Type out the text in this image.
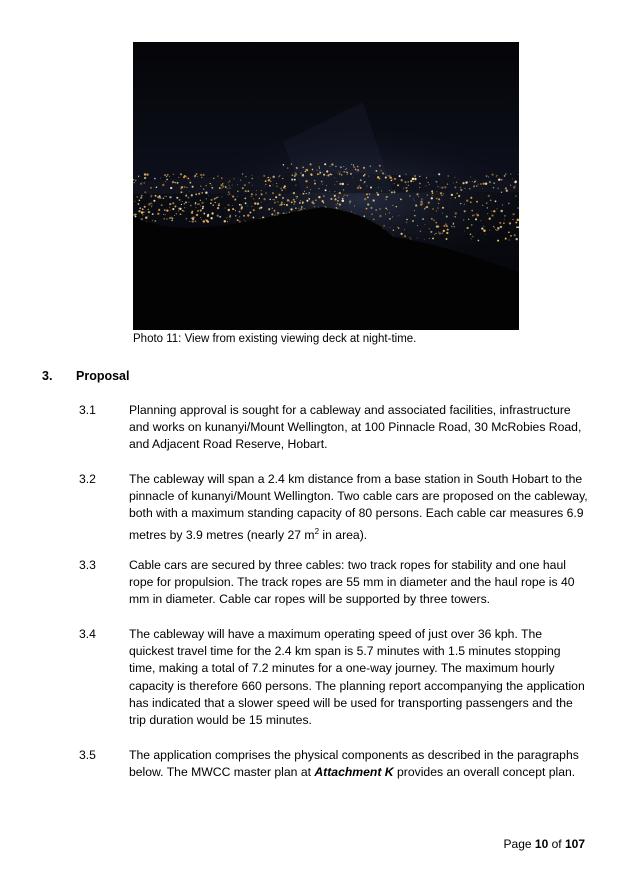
Photo 11: View from existing viewing deck at night-time.
3. Proposal
3.1	Planning approval is sought for a cableway and associated facilities, infrastructure and works on kunanyi/Mount Wellington, at 100 Pinnacle Road, 30 McRobies Road, and Adjacent Road Reserve, Hobart.
3.2	The cableway will span a 2.4 km distance from a base station in South Hobart to the pinnacle of kunanyi/Mount Wellington. Two cable cars are proposed on the cableway, both with a maximum standing capacity of 80 persons. Each cable car measures 6.9 metres by 3.9 metres (nearly 27 $m^2$ in area).
3.3	Cable cars are secured by three cables: two track ropes for stability and one haul rope for propulsion. The track ropes are 55 mm in diameter and the haul rope is 40 mm in diameter. Cable car ropes will be supported by three towers.
3.4	The cableway will have a maximum operating speed of just over 36 kph. The quickest travel time for the 2.4 km span is 5.7 minutes with 1.5 minutes stopping time, making a total of 7.2 minutes for a one-way journey. The maximum hourly capacity is therefore 660 persons. The planning report accompanying the application has indicated that a slower speed will be used for transporting passengers and the trip duration would be 15 minutes.
3.5	The application comprises the physical components as described in the paragraphs below. The MWCC master plan at Attachment K provides an overall concept plan.
Page 10 of 107
